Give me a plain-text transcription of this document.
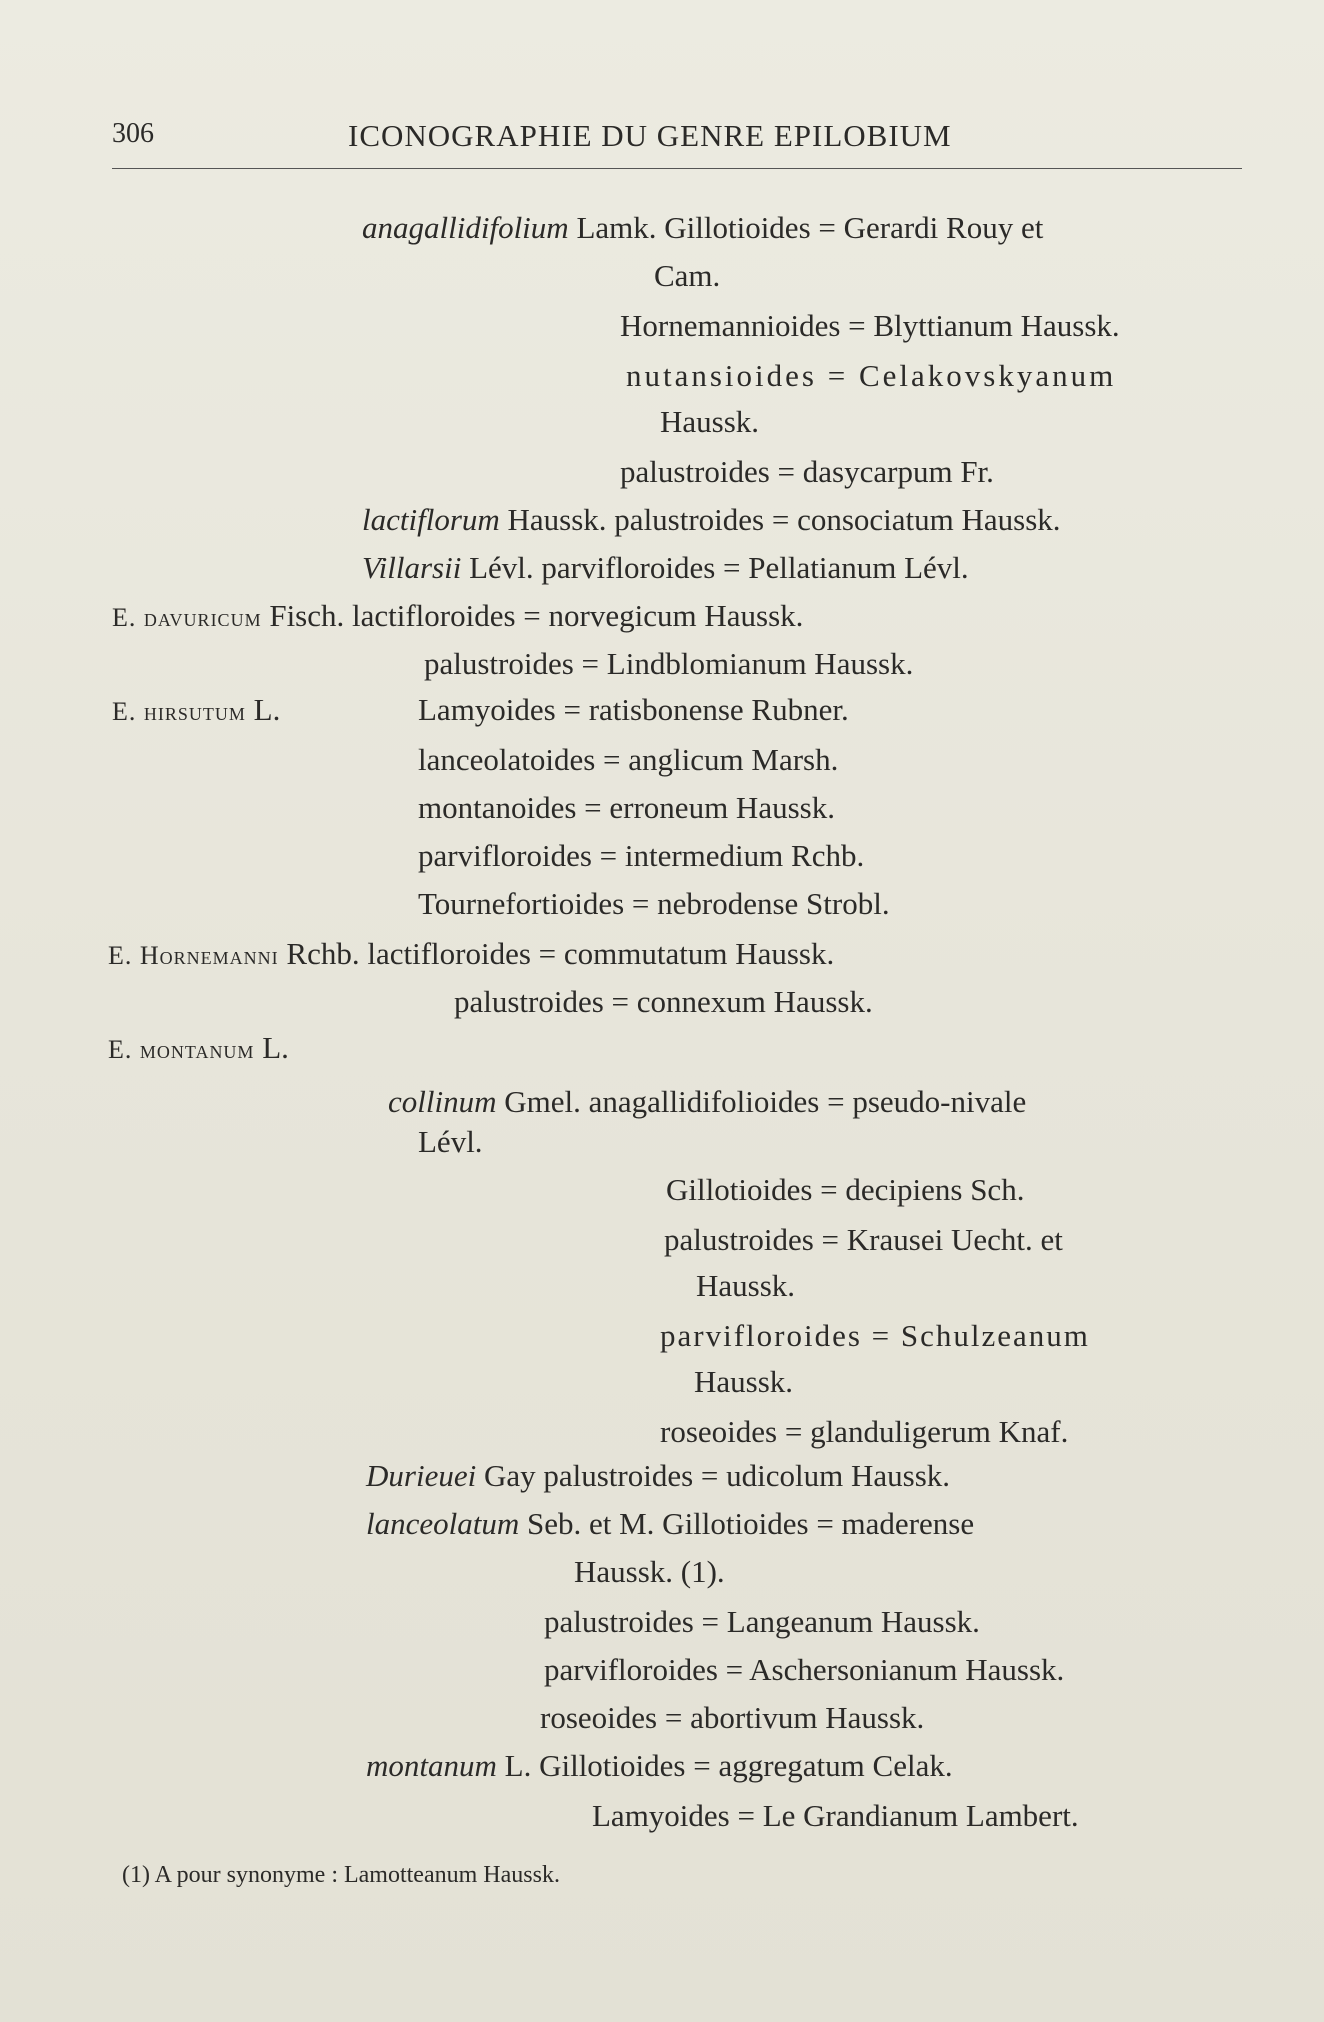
306	ICONOGRAPHIE DU GENRE EPILOBIUM
anagallidifolium Lamk. Gillotioides = Gerardi Rouy et
Cam.
Hornemannioides = Blyttianum Haussk.
nutansioides = Celakovskyanum
Haussk.
palustroides = dasycarpum Fr.
lactiflorum Haussk. palustroides = consociatum Haussk.
Villarsii Lévl. parvifloroides = Pellatianum Lévl.
E. davuricum Fisch. lactifloroides = norvegicum Haussk.
palustroides = Lindblomianum Haussk.
E. hirsutum L.	Lamyoides = ratisbonense Rubner.
lanceolatoides = anglicum Marsh.
montanoides = erroneum Haussk.
parvifloroides = intermedium Rchb.
Tournefortioides = nebrodense Strobl.
E. Hornemanni Rchb. lactifloroides = commutatum Haussk.
palustroides = connexum Haussk.
E. montanum L.
collinum Gmel. anagallidifolioides = pseudo-nivale
Lévl.
Gillotioides = decipiens Sch.
palustroides = Krausei Uecht. et
Haussk.
parvifloroides = Schulzeanum
Haussk.
roseoides = glanduligerum Knaf.
Durieuei Gay palustroides = udicolum Haussk.
lanceolatum Seb. et M. Gillotioides = maderense
Haussk. (1).
palustroides = Langeanum Haussk.
parvifloroides = Aschersonianum Haussk.
roseoides = abortivum Haussk.
montanum L. Gillotioides = aggregatum Celak.
Lamyoides = Le Grandianum Lambert.
(1) A pour synonyme : Lamotteanum Haussk.
